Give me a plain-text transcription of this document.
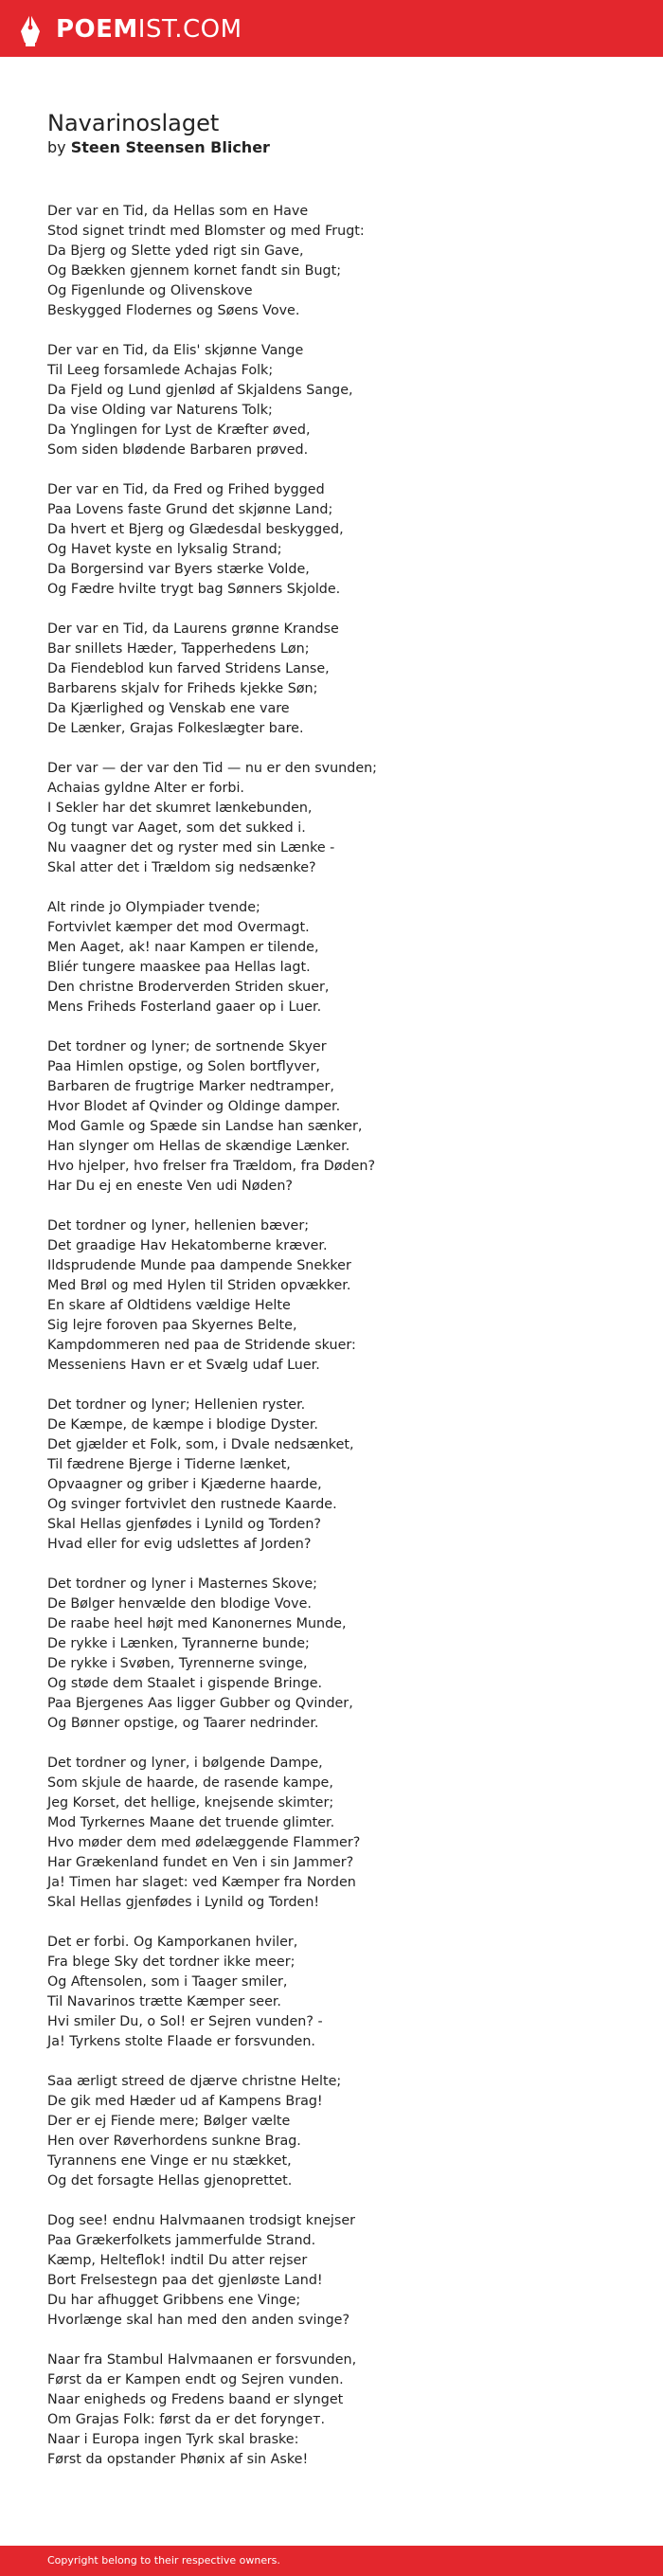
POEMIST.COM
Navarinoslaget
by Steen Steensen Blicher
Der var en Tid, da Hellas som en Have
Stod signet trindt med Blomster og med Frugt:
Da Bjerg og Slette yded rigt sin Gave,
Og Bækken gjennem kornet fandt sin Bugt;
Og Figenlunde og Olivenskove
Beskygged Flodernes og Søens Vove.
Der var en Tid, da Elis' skjønne Vange
Til Leeg forsamlede Achajas Folk;
Da Fjeld og Lund gjenlød af Skjaldens Sange,
Da vise Olding var Naturens Tolk;
Da Ynglingen for Lyst de Kræfter øved,
Som siden blødende Barbaren prøved.
Der var en Tid, da Fred og Frihed bygged
Paa Lovens faste Grund det skjønne Land;
Da hvert et Bjerg og Glædesdal beskygged,
Og Havet kyste en lyksalig Strand;
Da Borgersind var Byers stærke Volde,
Og Fædre hvilte trygt bag Sønners Skjolde.
Der var en Tid, da Laurens grønne Krandse
Bar snillets Hæder, Tapperhedens Løn;
Da Fiendeblod kun farved Stridens Lanse,
Barbarens skjalv for Friheds kjekke Søn;
Da Kjærlighed og Venskab ene vare
De Lænker, Grajas Folkeslægter bare.
Der var — der var den Tid — nu er den svunden;
Achaias gyldne Alter er forbi.
I Sekler har det skumret lænkebunden,
Og tungt var Aaget, som det sukked i.
Nu vaagner det og ryster med sin Lænke -
Skal atter det i Trældom sig nedsænke?
Alt rinde jo Olympiader tvende;
Fortvivlet kæmper det mod Overmagt.
Men Aaget, ak! naar Kampen er tilende,
Bliér tungere maaskee paa Hellas lagt.
Den christne Broderverden Striden skuer,
Mens Friheds Fosterland gaaer op i Luer.
Det tordner og lyner; de sortnende Skyer
Paa Himlen opstige, og Solen bortflyver,
Barbaren de frugtrige Marker nedtramper,
Hvor Blodet af Qvinder og Oldinge damper.
Mod Gamle og Spæde sin Landse han sænker,
Han slynger om Hellas de skændige Lænker.
Hvo hjelper, hvo frelser fra Trældom, fra Døden?
Har Du ej en eneste Ven udi Nøden?
Det tordner og lyner, hellenien bæver;
Det graadige Hav Hekatomberne kræver.
Ildsprudende Munde paa dampende Snekker
Med Brøl og med Hylen til Striden opvækker.
En skare af Oldtidens vældige Helte
Sig lejre foroven paa Skyernes Belte,
Kampdommeren ned paa de Stridende skuer:
Messeniens Havn er et Svælg udaf Luer.
Det tordner og lyner; Hellenien ryster.
De Kæmpe, de kæmpe i blodige Dyster.
Det gjælder et Folk, som, i Dvale nedsænket,
Til fædrene Bjerge i Tiderne lænket,
Opvaagner og griber i Kjæderne haarde,
Og svinger fortvivlet den rustnede Kaarde.
Skal Hellas gjenfødes i Lynild og Torden?
Hvad eller for evig udslettes af Jorden?
Det tordner og lyner i Masternes Skove;
De Bølger henvælde den blodige Vove.
De raabe heel højt med Kanonernes Munde,
De rykke i Lænken, Tyrannerne bunde;
De rykke i Svøben, Tyrennerne svinge,
Og støde dem Staalet i gispende Bringe.
Paa Bjergenes Aas ligger Gubber og Qvinder,
Og Bønner opstige, og Taarer nedrinder.
Det tordner og lyner, i bølgende Dampe,
Som skjule de haarde, de rasende kampe,
Jeg Korset, det hellige, knejsende skimter;
Mod Tyrkernes Maane det truende glimter.
Hvo møder dem med ødelæggende Flammer?
Har Grækenland fundet en Ven i sin Jammer?
Ja! Timen har slaget: ved Kæmper fra Norden
Skal Hellas gjenfødes i Lynild og Torden!
Det er forbi. Og Kamporkanen hviler,
Fra blege Sky det tordner ikke meer;
Og Aftensolen, som i Taager smiler,
Til Navarinos trætte Kæmper seer.
Hvi smiler Du, o Sol! er Sejren vunden? -
Ja! Tyrkens stolte Flaade er forsvunden.
Saa ærligt streed de djærve christne Helte;
De gik med Hæder ud af Kampens Brag!
Der er ej Fiende mere; Bølger vælte
Hen over Røverhordens sunkne Brag.
Tyrannens ene Vinge er nu stækket,
Og det forsagte Hellas gjenoprettet.
Dog see! endnu Halvmaanen trodsigt knejser
Paa Grækerfolkets jammerfulde Strand.
Kæmp, Helteflok! indtil Du atter rejser
Bort Frelsestegn paa det gjenløste Land!
Du har afhugget Gribbens ene Vinge;
Hvorlænge skal han med den anden svinge?
Naar fra Stambul Halvmaanen er forsvunden,
Først da er Kampen endt og Sejren vunden.
Naar enigheds og Fredens baand er slynget
Om Grajas Folk: først da er det foryngет.
Naar i Europa ingen Tyrk skal braske:
Først da opstander Phønix af sin Aske!
Copyright belong to their respective owners.
